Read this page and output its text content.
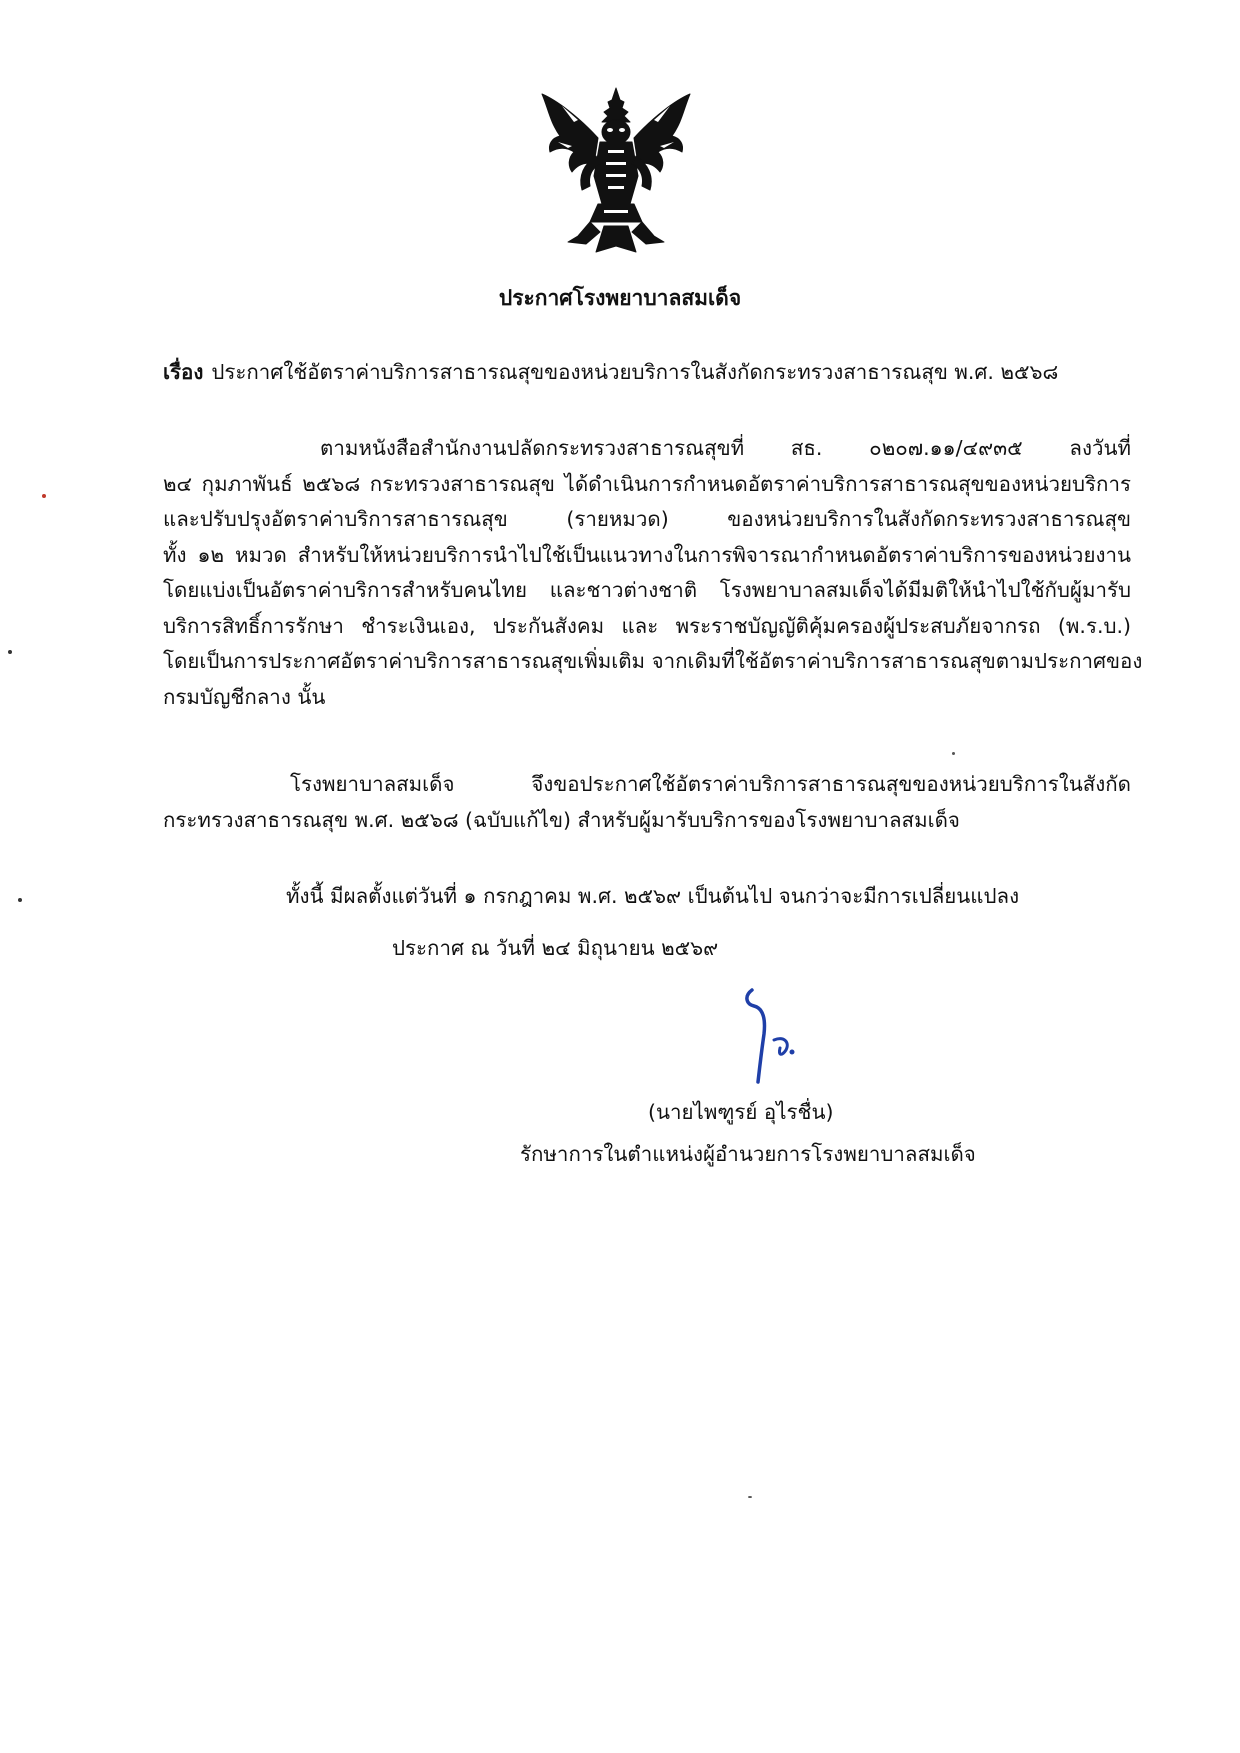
ประกาศโรงพยาบาลสมเด็จ
เรื่อง ประกาศใช้อัตราค่าบริการสาธารณสุขของหน่วยบริการในสังกัดกระทรวงสาธารณสุข พ.ศ. ๒๕๖๘
ตามหนังสือสำนักงานปลัดกระทรวงสาธารณสุขที่ สธ. ๐๒๐๗.๑๑/๔๙๓๕ ลงวันที่
๒๔ กุมภาพันธ์ ๒๕๖๘ กระทรวงสาธารณสุข ได้ดำเนินการกำหนดอัตราค่าบริการสาธารณสุขของหน่วยบริการ
และปรับปรุงอัตราค่าบริการสาธารณสุข (รายหมวด) ของหน่วยบริการในสังกัดกระทรวงสาธารณสุข
ทั้ง ๑๒ หมวด สำหรับให้หน่วยบริการนำไปใช้เป็นแนวทางในการพิจารณากำหนดอัตราค่าบริการของหน่วยงาน
โดยแบ่งเป็นอัตราค่าบริการสำหรับคนไทย และชาวต่างชาติ โรงพยาบาลสมเด็จได้มีมติให้นำไปใช้กับผู้มารับ
บริการสิทธิ์การรักษา ชำระเงินเอง, ประกันสังคม และ พระราชบัญญัติคุ้มครองผู้ประสบภัยจากรถ (พ.ร.บ.)
โดยเป็นการประกาศอัตราค่าบริการสาธารณสุขเพิ่มเติม จากเดิมที่ใช้อัตราค่าบริการสาธารณสุขตามประกาศของ
กรมบัญชีกลาง นั้น
โรงพยาบาลสมเด็จ จึงขอประกาศใช้อัตราค่าบริการสาธารณสุขของหน่วยบริการในสังกัด
กระทรวงสาธารณสุข พ.ศ. ๒๕๖๘ (ฉบับแก้ไข) สำหรับผู้มารับบริการของโรงพยาบาลสมเด็จ
ทั้งนี้ มีผลตั้งแต่วันที่ ๑ กรกฎาคม พ.ศ. ๒๕๖๙ เป็นต้นไป จนกว่าจะมีการเปลี่ยนแปลง
ประกาศ ณ วันที่ ๒๔ มิถุนายน ๒๕๖๙
(นายไพฑูรย์ อุไรชื่น)
รักษาการในตำแหน่งผู้อำนวยการโรงพยาบาลสมเด็จ
